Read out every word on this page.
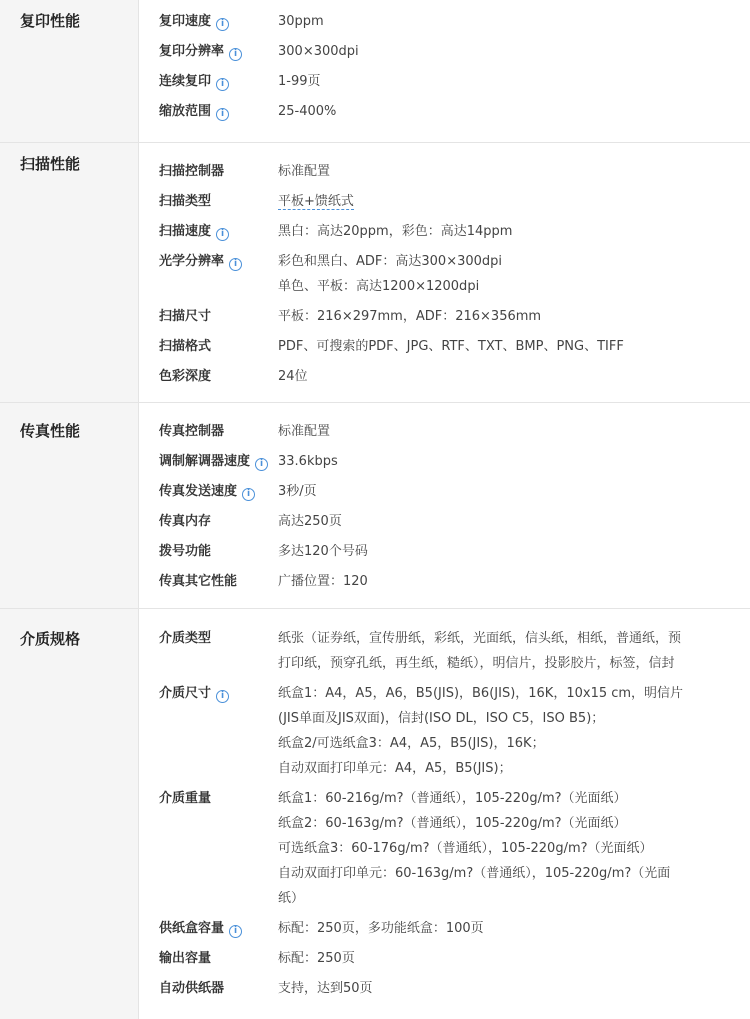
复印性能	复印速度 i	30ppm
复印分辨率 i	300×300dpi
连续复印 i	1-99页
缩放范围 i	25-400%
扫描性能	扫描控制器	标准配置
扫描类型	平板+馈纸式
扫描速度 i	黑白：高达20ppm，彩色：高达14ppm
光学分辨率 i	彩色和黑白、ADF：高达300×300dpi
单色、平板：高达1200×1200dpi
扫描尺寸	平板：216×297mm，ADF：216×356mm
扫描格式	PDF、可搜索的PDF、JPG、RTF、TXT、BMP、PNG、TIFF
色彩深度	24位
传真性能	传真控制器	标准配置
调制解调器速度 i	33.6kbps
传真发送速度 i	3秒/页
传真内存	高达250页
拨号功能	多达120个号码
传真其它性能	广播位置：120
介质规格	介质类型	纸张（证券纸，宣传册纸，彩纸，光面纸，信头纸，相纸，普通纸，预
打印纸，预穿孔纸，再生纸，糙纸），明信片，投影胶片，标签，信封
介质尺寸 i	纸盒1：A4，A5，A6，B5(JIS)，B6(JIS)，16K，10x15 cm，明信片
(JIS单面及JIS双面)，信封(ISO DL，ISO C5，ISO B5)；
纸盒2/可选纸盒3：A4，A5，B5(JIS)，16K；
自动双面打印单元：A4，A5，B5(JIS)；
介质重量	纸盒1：60-216g/m?（普通纸），105-220g/m?（光面纸）
纸盒2：60-163g/m?（普通纸），105-220g/m?（光面纸）
可选纸盒3：60-176g/m?（普通纸），105-220g/m?（光面纸）
自动双面打印单元：60-163g/m?（普通纸），105-220g/m?（光面
纸）
供纸盒容量 i	标配：250页，多功能纸盒：100页
输出容量	标配：250页
自动供纸器	支持，达到50页
